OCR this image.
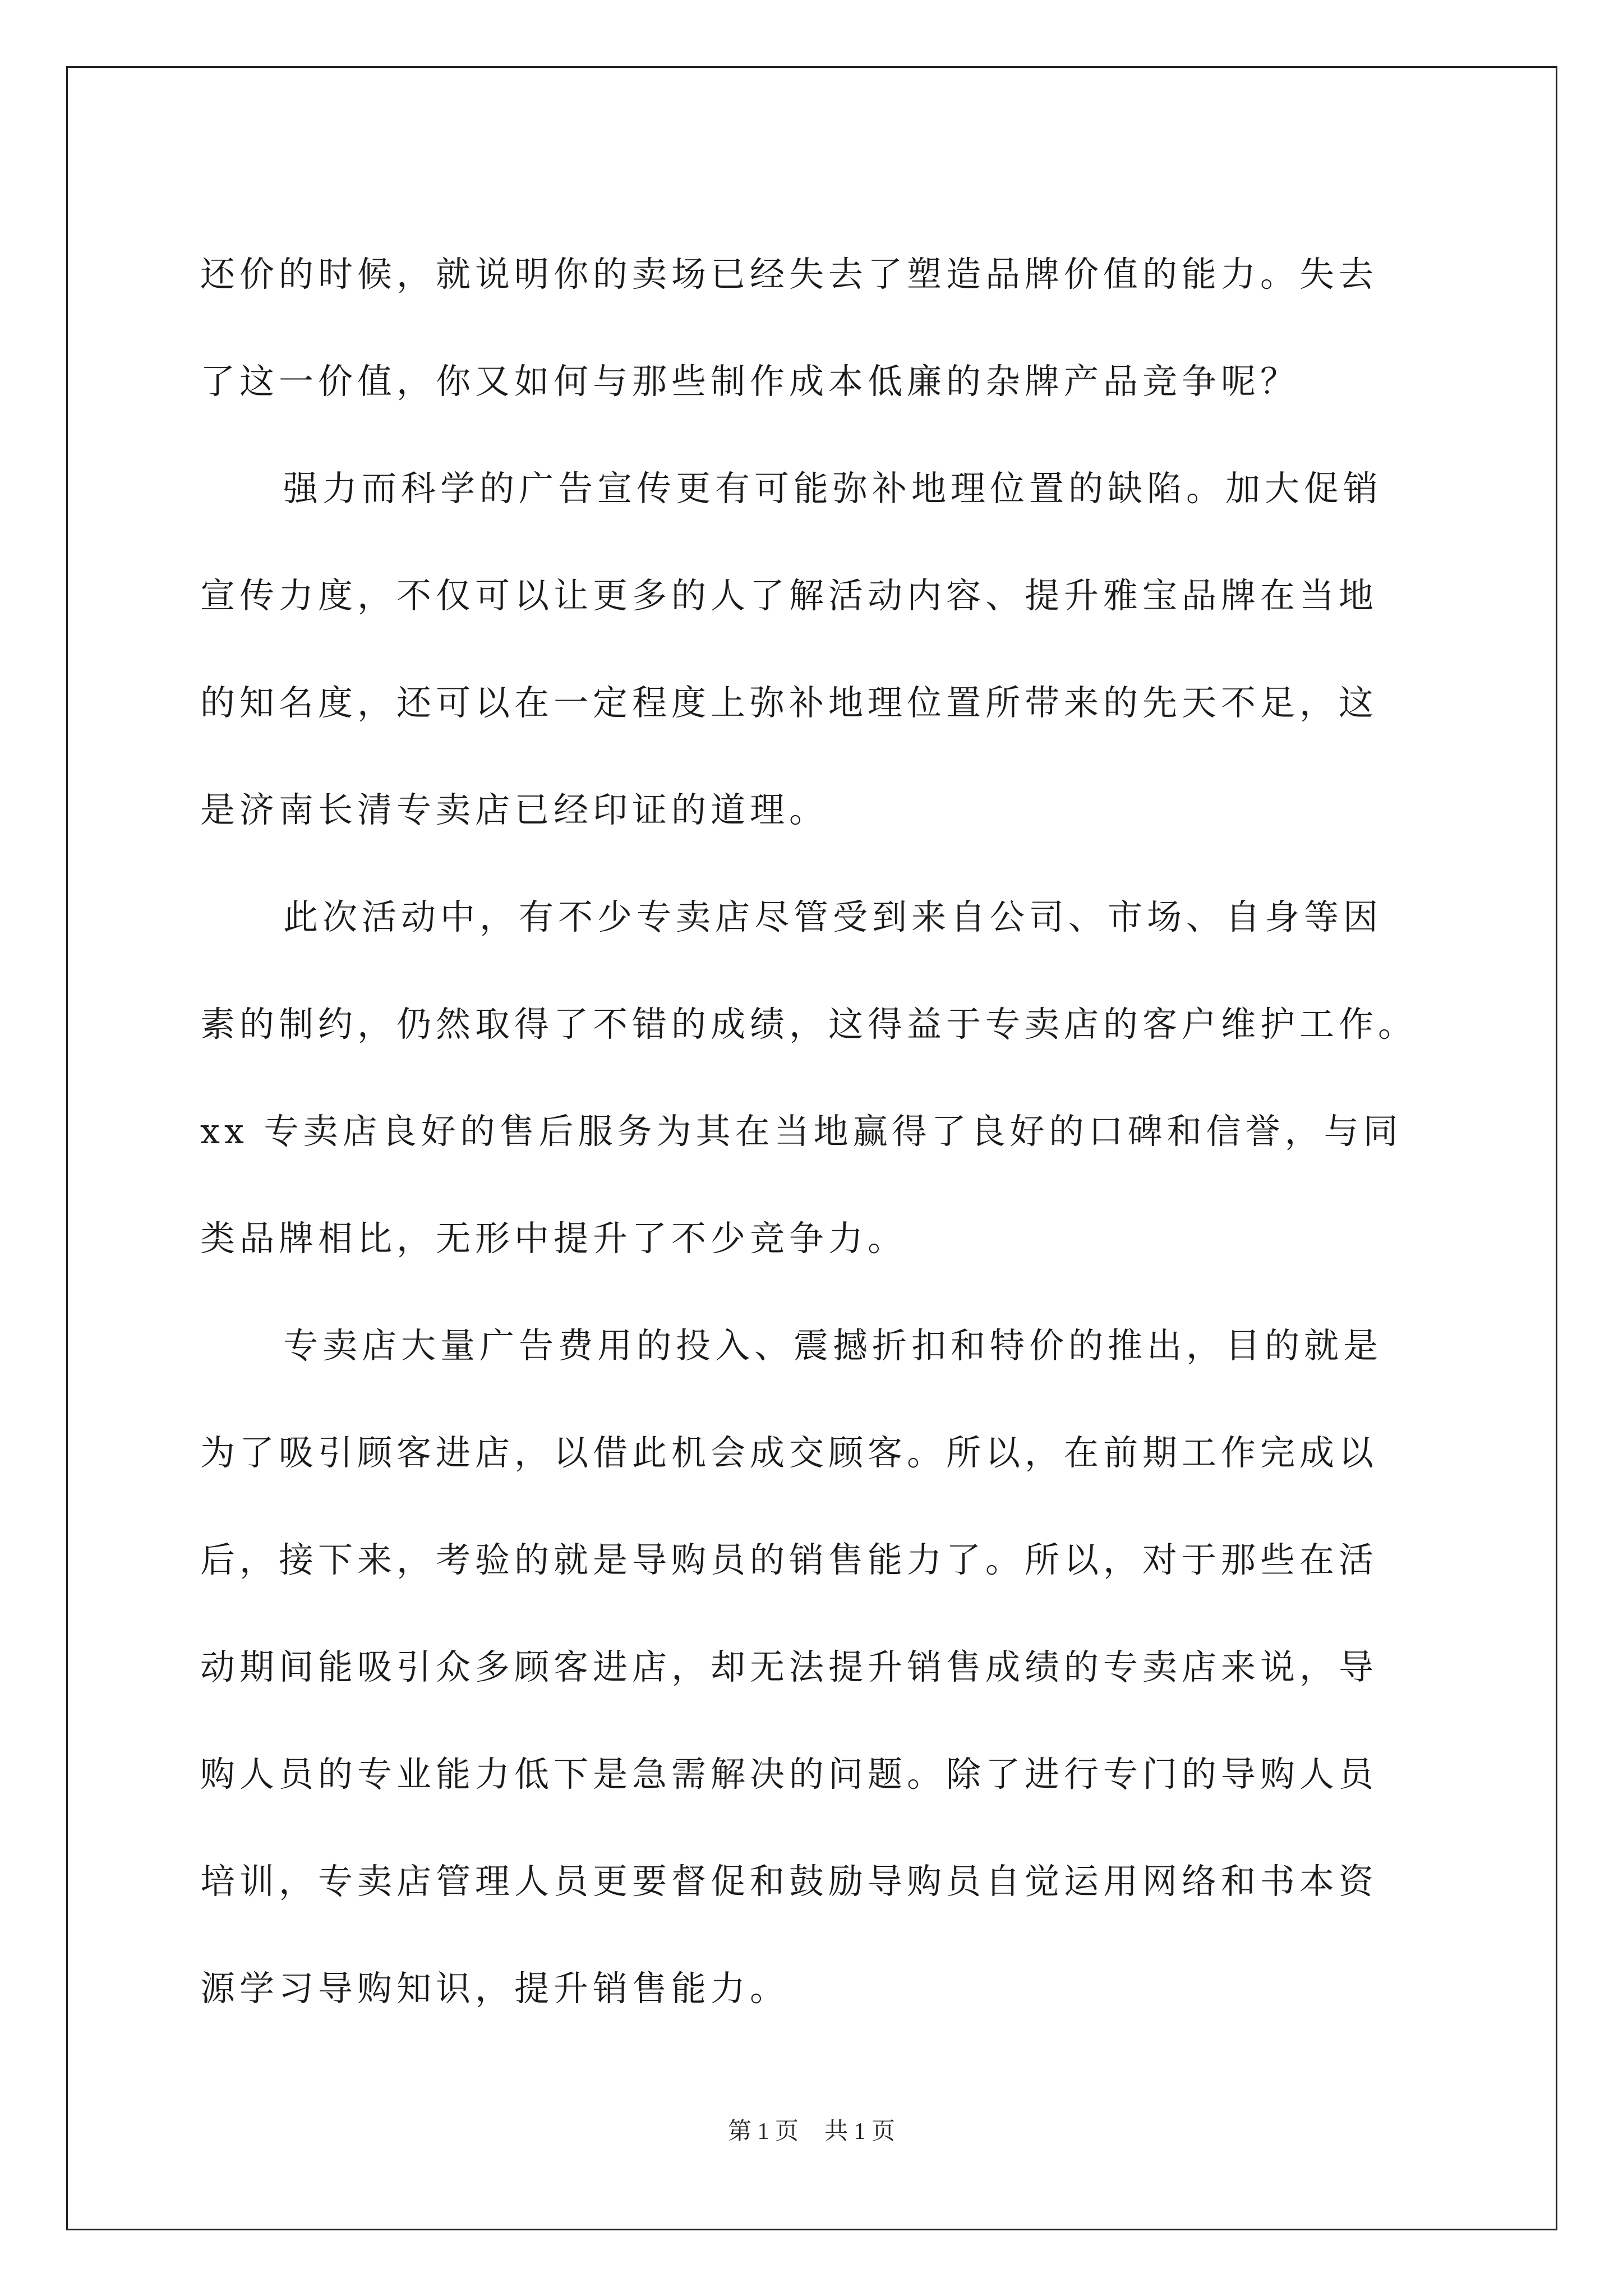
还价的时候，就说明你的卖场已经失去了塑造品牌价值的能力。失去

了这一价值，你又如何与那些制作成本低廉的杂牌产品竞争呢？

强力而科学的广告宣传更有可能弥补地理位置的缺陷。加大促销

宣传力度，不仅可以让更多的人了解活动内容、提升雅宝品牌在当地

的知名度，还可以在一定程度上弥补地理位置所带来的先天不足，这

是济南长清专卖店已经印证的道理。

此次活动中，有不少专卖店尽管受到来自公司、市场、自身等因

素的制约，仍然取得了不错的成绩，这得益于专卖店的客户维护工作。

xx 专卖店良好的售后服务为其在当地赢得了良好的口碑和信誉，与同

类品牌相比，无形中提升了不少竞争力。

专卖店大量广告费用的投入、震撼折扣和特价的推出，目的就是

为了吸引顾客进店，以借此机会成交顾客。所以，在前期工作完成以

后，接下来，考验的就是导购员的销售能力了。所以，对于那些在活

动期间能吸引众多顾客进店，却无法提升销售成绩的专卖店来说，导

购人员的专业能力低下是急需解决的问题。除了进行专门的导购人员

培训，专卖店管理人员更要督促和鼓励导购员自觉运用网络和书本资

源学习导购知识，提升销售能力。

第 1 页 共 1 页
